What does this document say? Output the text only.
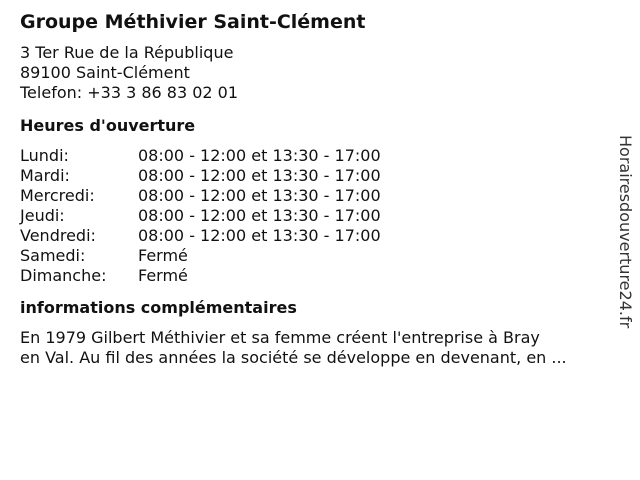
Groupe Méthivier Saint-Clément
3 Ter Rue de la République
89100 Saint-Clément
Telefon: +33 3 86 83 02 01
Heures d'ouverture
Lundi:	08:00 - 12:00 et 13:30 - 17:00
Mardi:	08:00 - 12:00 et 13:30 - 17:00
Mercredi:	08:00 - 12:00 et 13:30 - 17:00
Jeudi:	08:00 - 12:00 et 13:30 - 17:00
Vendredi:	08:00 - 12:00 et 13:30 - 17:00
Samedi:	Fermé
Dimanche:	Fermé
informations complémentaires
En 1979 Gilbert Méthivier et sa femme créent l'entreprise à Bray
en Val. Au fil des années la société se développe en devenant, en ...
Horairesdouverture24.fr
